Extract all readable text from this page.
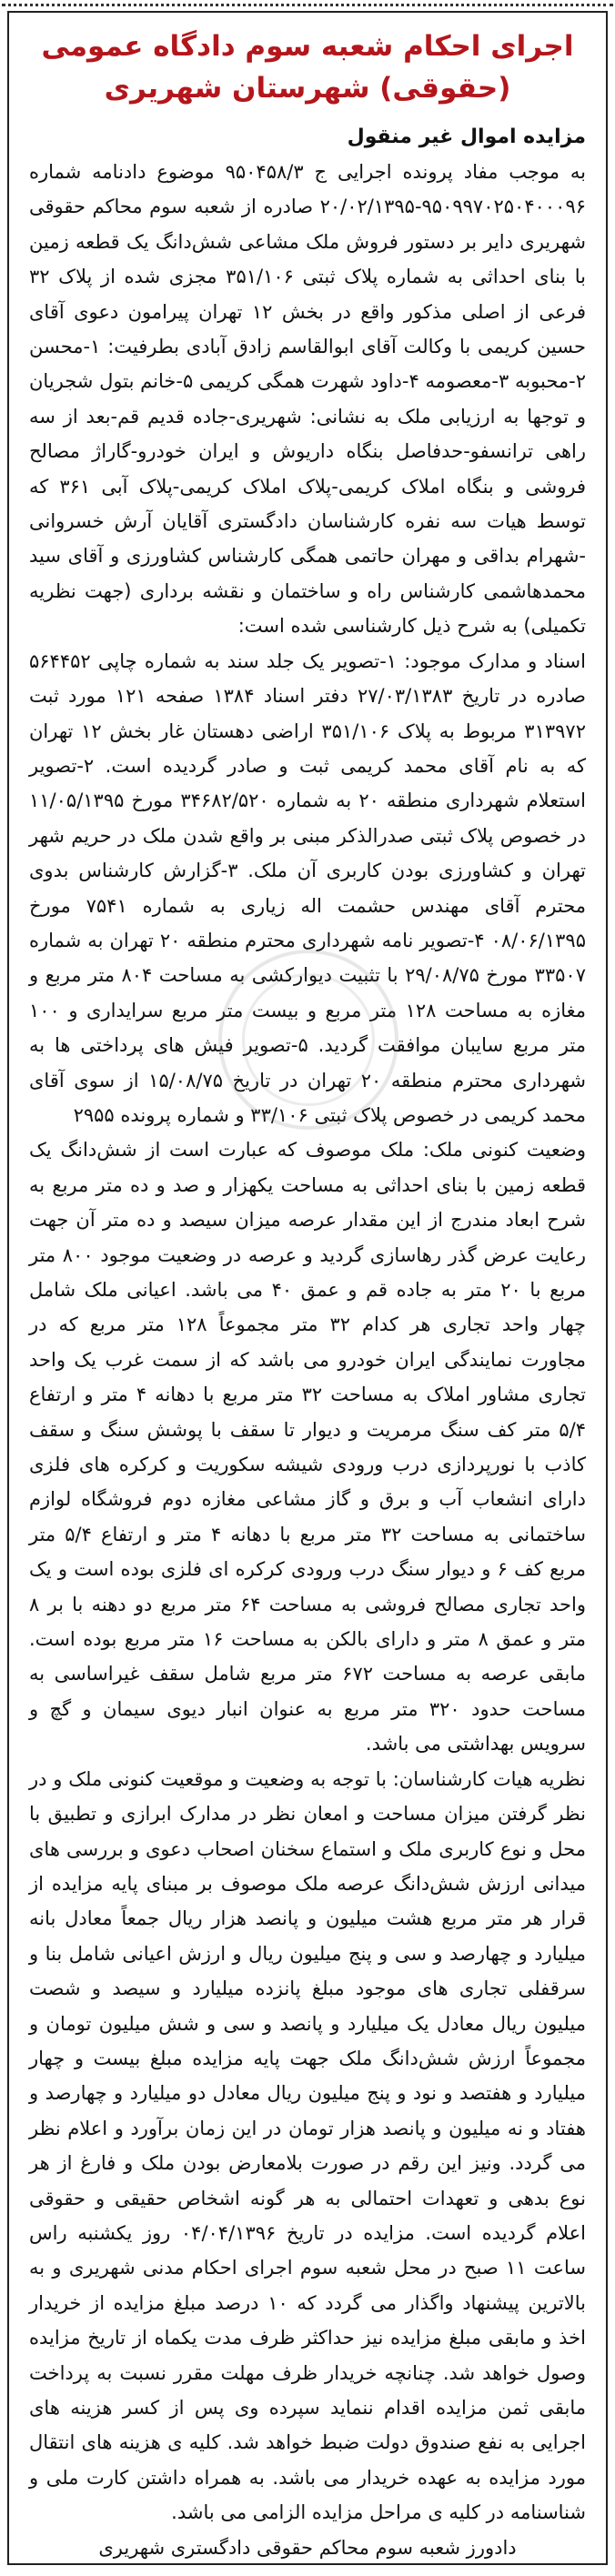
اجرای احکام شعبه سوم دادگاه عمومی (حقوقی) شهرستان شهریری
مزایده اموال غیر منقول

به موجب مفاد پرونده اجرایی ج ۹۵۰۴۵۸/۳ موضوع دادنامه شماره ۹۵۰۹۹۷۰۲۵۰۴۰۰۰۹۶-۲۰/۰۲/۱۳۹۵ صادره از شعبه سوم محاکم حقوقی شهریری دایر بر دستور فروش ملک مشاعی شش‌دانگ یک قطعه زمین با بنای احداثی به شماره پلاک ثبتی ۳۵۱/۱۰۶ مجزی شده از پلاک ۳۲ فرعی از اصلی مذکور واقع در بخش ۱۲ تهران پیرامون دعوی آقای حسین کریمی با وکالت آقای ابوالقاسم زادق آبادی بطرفیت: ۱-محسن ۲-محبوبه ۳-معصومه ۴-داود شهرت همگی کریمی ۵-خانم بتول شجریان و توجها به ارزیابی ملک به نشانی: شهریری-جاده قدیم قم-بعد از سه راهی ترانسفو-حدفاصل بنگاه داریوش و ایران خودرو-گاراژ مصالح فروشی و بنگاه املاک کریمی-پلاک املاک کریمی-پلاک آبی ۳۶۱ که توسط هیات سه نفره کارشناسان دادگستری آقایان آرش خسروانی -شهرام بداقی و مهران حاتمی همگی کارشناس کشاورزی و آقای سید محمدهاشمی کارشناس راه و ساختمان و نقشه برداری (جهت نظریه تکمیلی) به شرح ذیل کارشناسی شده است:

اسناد و مدارک موجود: ۱-تصویر یک جلد سند به شماره چاپی ۵۶۴۴۵۲ صادره در تاریخ ۲۷/۰۳/۱۳۸۳ دفتر اسناد ۱۳۸۴ صفحه ۱۲۱ مورد ثبت ۳۱۳۹۷۲ مربوط به پلاک ۳۵۱/۱۰۶ اراضی دهستان غار بخش ۱۲ تهران که به نام آقای محمد کریمی ثبت و صادر گردیده است. ۲-تصویر استعلام شهرداری منطقه ۲۰ به شماره ۳۴۶۸۲/۵۲۰ مورخ ۱۱/۰۵/۱۳۹۵ در خصوص پلاک ثبتی صدرالذکر مبنی بر واقع شدن ملک در حریم شهر تهران و کشاورزی بودن کاربری آن ملک. ۳-گزارش کارشناس بدوی محترم آقای مهندس حشمت اله زیاری به شماره ۷۵۴۱ مورخ ۰۸/۰۶/۱۳۹۵ ۴-تصویر نامه شهرداری محترم منطقه ۲۰ تهران به شماره ۳۳۵۰۷ مورخ ۲۹/۰۸/۷۵ با تثبیت دیوارکشی به مساحت ۸۰۴ متر مربع و مغازه به مساحت ۱۲۸ متر مربع و بیست متر مربع سرایداری و ۱۰۰ متر مربع سایبان موافقت گردید. ۵-تصویر فیش های پرداختی ها به شهرداری محترم منطقه ۲۰ تهران در تاریخ ۱۵/۰۸/۷۵ از سوی آقای محمد کریمی در خصوص پلاک ثبتی ۳۳/۱۰۶ و شماره پرونده ۲۹۵۵

وضعیت کنونی ملک: ملک موصوف که عبارت است از شش‌دانگ یک قطعه زمین با بنای احداثی به مساحت یکهزار و صد و ده متر مربع به شرح ابعاد مندرج از این مقدار عرصه میزان سیصد و ده متر آن جهت رعایت عرض گذر رهاسازی گردید و عرصه در وضعیت موجود ۸۰۰ متر مربع با ۲۰ متر به جاده قم و عمق ۴۰ می باشد. اعیانی ملک شامل چهار واحد تجاری هر کدام ۳۲ متر مجموعاً ۱۲۸ متر مربع که در مجاورت نمایندگی ایران خودرو می باشد که از سمت غرب یک واحد تجاری مشاور املاک به مساحت ۳۲ متر مربع با دهانه ۴ متر و ارتفاع ۵/۴ متر کف سنگ مرمریت و دیوار تا سقف با پوشش سنگ و سقف کاذب با نورپردازی درب ورودی شیشه سکوریت و کرکره های فلزی دارای انشعاب آب و برق و گاز مشاعی مغازه دوم فروشگاه لوازم ساختمانی به مساحت ۳۲ متر مربع با دهانه ۴ متر و ارتفاع ۵/۴ متر مربع کف ۶ و دیوار سنگ درب ورودی کرکره ای فلزی بوده است و یک واحد تجاری مصالح فروشی به مساحت ۶۴ متر مربع دو دهنه با بر ۸ متر و عمق ۸ متر و دارای بالکن به مساحت ۱۶ متر مربع بوده است. مابقی عرصه به مساحت ۶۷۲ متر مربع شامل سقف غیراساسی به مساحت حدود ۳۲۰ متر مربع به عنوان انبار دیوی سیمان و گچ و سرویس بهداشتی می باشد.

نظریه هیات کارشناسان: با توجه به وضعیت و موقعیت کنونی ملک و در نظر گرفتن میزان مساحت و امعان نظر در مدارک ابرازی و تطبیق با محل و نوع کاربری ملک و استماع سخنان اصحاب دعوی و بررسی های میدانی ارزش شش‌دانگ عرصه ملک موصوف بر مبنای پایه مزایده از قرار هر متر مربع هشت میلیون و پانصد هزار ریال جمعاً معادل بانه میلیارد و چهارصد و سی و پنج میلیون ریال و ارزش اعیانی شامل بنا و سرقفلی تجاری های موجود مبلغ پانزده میلیارد و سیصد و شصت میلیون ریال معادل یک میلیارد و پانصد و سی و شش میلیون تومان و مجموعاً ارزش شش‌دانگ ملک جهت پایه مزایده مبلغ بیست و چهار میلیارد و هفتصد و نود و پنج میلیون ریال معادل دو میلیارد و چهارصد و هفتاد و نه میلیون و پانصد هزار تومان در این زمان برآورد و اعلام نظر می گردد. ونیز این رقم در صورت بلامعارض بودن ملک و فارغ از هر نوع بدهی و تعهدات احتمالی به هر گونه اشخاص حقیقی و حقوقی اعلام گردیده است. مزایده در تاریخ ۰۴/۰۴/۱۳۹۶ روز یکشنبه راس ساعت ۱۱ صبح در محل شعبه سوم اجرای احکام مدنی شهریری و به بالاترین پیشنهاد واگذار می گردد که ۱۰ درصد مبلغ مزایده از خریدار اخذ و مابقی مبلغ مزایده نیز حداکثر ظرف مدت یکماه از تاریخ مزایده وصول خواهد شد. چنانچه خریدار ظرف مهلت مقرر نسبت به پرداخت مابقی ثمن مزایده اقدام ننماید سپرده وی پس از کسر هزینه های اجرایی به نفع صندوق دولت ضبط خواهد شد. کلیه ی هزینه های انتقال مورد مزایده به عهده خریدار می باشد. به همراه داشتن کارت ملی و شناسنامه در کلیه ی مراحل مزایده الزامی می باشد.

دادورز شعبه سوم محاکم حقوقی دادگستری شهریری
